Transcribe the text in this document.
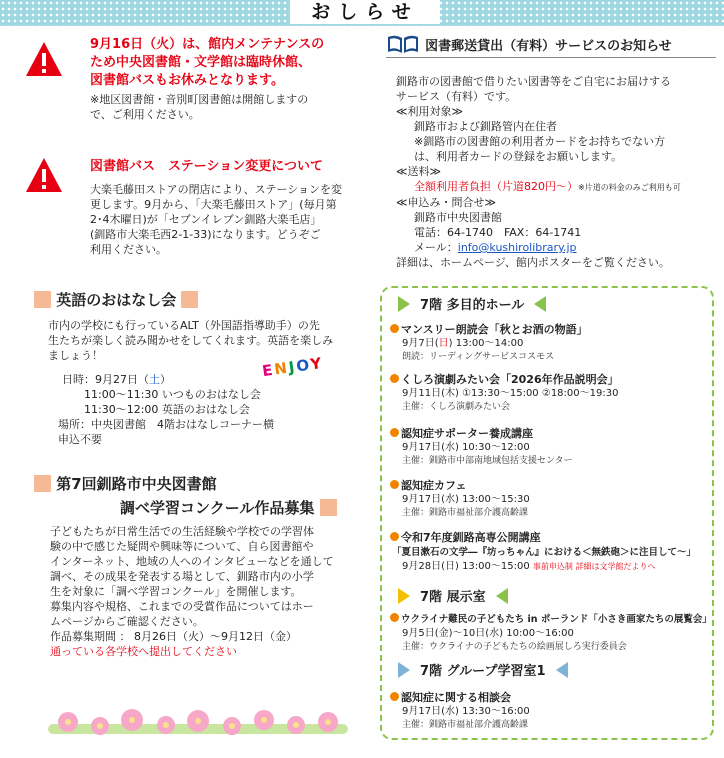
おしらせ
9月16日（火）は、館内メンテナンスの
ため中央図書館・文学館は臨時休館、
図書館バスもお休みとなります。
※地区図書館・音別町図書館は開館しますの
で、ご利用ください。
図書館バス　ステーション変更について
大楽毛藤田ストアの閉店により、ステーションを変
更します。9月から、「大楽毛藤田ストア」(毎月第
2･4木曜日)が「セブンイレブン釧路大楽毛店」
(釧路市大楽毛西2-1-33)になります。どうぞご
利用ください。
英語のおはなし会
市内の学校にも行っているALT（外国語指導助手）の先
生たちが楽しく読み聞かせをしてくれます。英語を楽しみ
ましょう！
日時：9月27日（土）
11:00～11:30 いつものおはなし会
11:30～12:00 英語のおはなし会
場所：中央図書館　4階おはなしコーナー横
申込不要
ENJOY
第7回釧路市中央図書館
調べ学習コンクール作品募集
子どもたちが日常生活での生活経験や学校での学習体
験の中で感じた疑問や興味等について、自ら図書館や
インターネット、地域の人へのインタビューなどを通して
調べ、その成果を発表する場として、釧路市内の小学
生を対象に「調べ学習コンクール」を開催します。
募集内容や規格、これまでの受賞作品についてはホー
ムページからご確認ください。
作品募集期間 ： 8月26日（火）～9月12日（金）
通っている各学校へ提出してください
図書郵送貸出（有料）サービスのお知らせ
釧路市の図書館で借りたい図書等をご自宅にお届けする
サービス（有料）です。
≪利用対象≫
釧路市および釧路管内在住者
※釧路市の図書館の利用者カードをお持ちでない方
は、利用者カードの登録をお願いします。
≪送料≫
全額利用者負担（片道820円～）※片道の料金のみご利用も可
≪申込み・問合せ≫
釧路市中央図書館
電話：64-1740　FAX：64-1741
メール：info@kushirolibrary.jp
詳細は、ホームページ、館内ポスターをご覧ください。
7階 多目的ホール
マンスリー朗読会「秋とお酒の物語」
9月7日(日) 13:00～14:00
朗読：リーディングサービスコスモス
くしろ演劇みたい会「2026年作品説明会」
9月11日(木) ①13:30～15:00 ②18:00～19:30
主催：くしろ演劇みたい会
認知症サポーター養成講座
9月17日(水) 10:30～12:00
主催：釧路市中部南地域包括支援センター
認知症カフェ
9月17日(水) 13:00～15:30
主催：釧路市福祉部介護高齢課
令和7年度釧路高専公開講座
「夏目漱石の文学―『坊っちゃん』における＜無鉄砲＞に注目して～」
9月28日(日) 13:00～15:00 事前申込制 詳細は文学館だよりへ
7階 展示室
ウクライナ難民の子どもたち in ポーランド「小さき画家たちの展覧会」
9月5日(金)～10日(水) 10:00～16:00
主催：ウクライナの子どもたちの絵画展しろ実行委員会
7階 グループ学習室1
認知症に関する相談会
9月17日(水) 13:30～16:00
主催：釧路市福祉部介護高齢課
